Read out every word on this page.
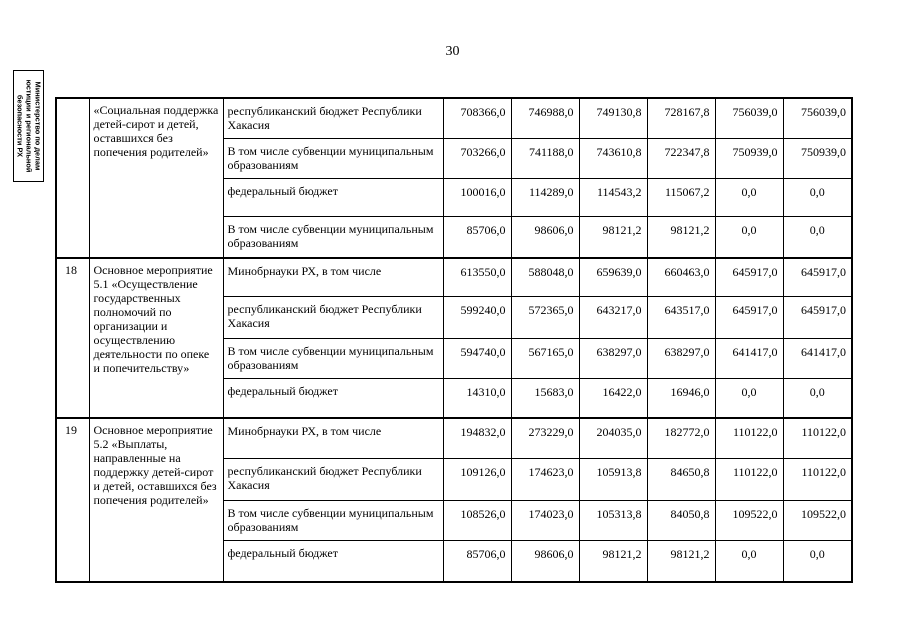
30
Министерство по делам
юстиции и региональной
безопасности РХ
		«Социальная поддержка детей-сирот и детей, оставшихся без попечения родителей»	республиканский бюджет Республики Хакасия	708366,0	746988,0	749130,8	728167,8	756039,0	756039,0
		В том числе субвенции муниципальным образованиям	703266,0	741188,0	743610,8	722347,8	750939,0	750939,0
		федеральный бюджет	100016,0	114289,0	114543,2	115067,2	0,0	0,0
		В том числе субвенции муниципальным образованиям	85706,0	98606,0	98121,2	98121,2	0,0	0,0
18	Основное мероприятие 5.1 «Осуществление государственных полномочий по организации и осуществлению деятельности по опеке и попечительству»	Минобрнауки РХ, в том числе	613550,0	588048,0	659639,0	660463,0	645917,0	645917,0
		республиканский бюджет Республики Хакасия	599240,0	572365,0	643217,0	643517,0	645917,0	645917,0
		В том числе субвенции муниципальным образованиям	594740,0	567165,0	638297,0	638297,0	641417,0	641417,0
		федеральный бюджет	14310,0	15683,0	16422,0	16946,0	0,0	0,0
19	Основное мероприятие 5.2 «Выплаты, направленные на поддержку детей-сирот и детей, оставшихся без попечения родителей»	Минобрнауки РХ, в том числе	194832,0	273229,0	204035,0	182772,0	110122,0	110122,0
		республиканский бюджет Республики Хакасия	109126,0	174623,0	105913,8	84650,8	110122,0	110122,0
		В том числе субвенции муниципальным образованиям	108526,0	174023,0	105313,8	84050,8	109522,0	109522,0
		федеральный бюджет	85706,0	98606,0	98121,2	98121,2	0,0	0,0
